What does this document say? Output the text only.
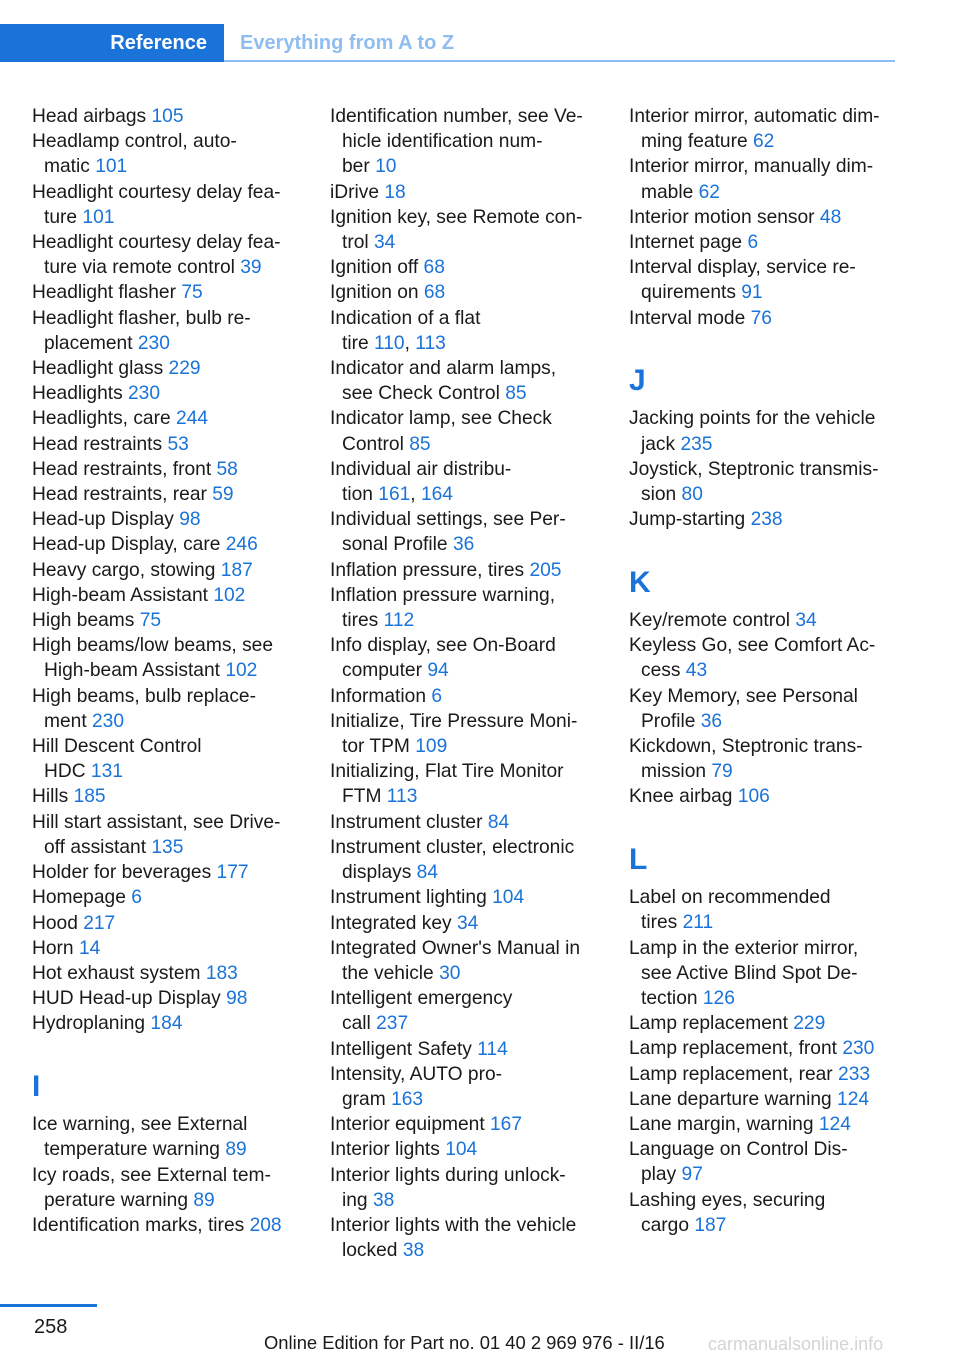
Reference	Everything from A to Z
Head airbags 105
Headlamp control, auto-
matic 101
Headlight courtesy delay fea-
ture 101
Headlight courtesy delay fea-
ture via remote control 39
Headlight flasher 75
Headlight flasher, bulb re-
placement 230
Headlight glass 229
Headlights 230
Headlights, care 244
Head restraints 53
Head restraints, front 58
Head restraints, rear 59
Head-up Display 98
Head-up Display, care 246
Heavy cargo, stowing 187
High-beam Assistant 102
High beams 75
High beams/low beams, see
High-beam Assistant 102
High beams, bulb replace-
ment 230
Hill Descent Control
HDC 131
Hills 185
Hill start assistant, see Drive-
off assistant 135
Holder for beverages 177
Homepage 6
Hood 217
Horn 14
Hot exhaust system 183
HUD Head-up Display 98
Hydroplaning 184
I
Ice warning, see External
temperature warning 89
Icy roads, see External tem-
perature warning 89
Identification marks, tires 208
Identification number, see Ve-
hicle identification num-
ber 10
iDrive 18
Ignition key, see Remote con-
trol 34
Ignition off 68
Ignition on 68
Indication of a flat
tire 110, 113
Indicator and alarm lamps,
see Check Control 85
Indicator lamp, see Check
Control 85
Individual air distribu-
tion 161, 164
Individual settings, see Per-
sonal Profile 36
Inflation pressure, tires 205
Inflation pressure warning,
tires 112
Info display, see On-Board
computer 94
Information 6
Initialize, Tire Pressure Moni-
tor TPM 109
Initializing, Flat Tire Monitor
FTM 113
Instrument cluster 84
Instrument cluster, electronic
displays 84
Instrument lighting 104
Integrated key 34
Integrated Owner's Manual in
the vehicle 30
Intelligent emergency
call 237
Intelligent Safety 114
Intensity, AUTO pro-
gram 163
Interior equipment 167
Interior lights 104
Interior lights during unlock-
ing 38
Interior lights with the vehicle
locked 38
Interior mirror, automatic dim-
ming feature 62
Interior mirror, manually dim-
mable 62
Interior motion sensor 48
Internet page 6
Interval display, service re-
quirements 91
Interval mode 76
J
Jacking points for the vehicle
jack 235
Joystick, Steptronic transmis-
sion 80
Jump-starting 238
K
Key/remote control 34
Keyless Go, see Comfort Ac-
cess 43
Key Memory, see Personal
Profile 36
Kickdown, Steptronic trans-
mission 79
Knee airbag 106
L
Label on recommended
tires 211
Lamp in the exterior mirror,
see Active Blind Spot De-
tection 126
Lamp replacement 229
Lamp replacement, front 230
Lamp replacement, rear 233
Lane departure warning 124
Lane margin, warning 124
Language on Control Dis-
play 97
Lashing eyes, securing
cargo 187
258
Online Edition for Part no. 01 40 2 969 976 - II/16 carmanualsonline.info
